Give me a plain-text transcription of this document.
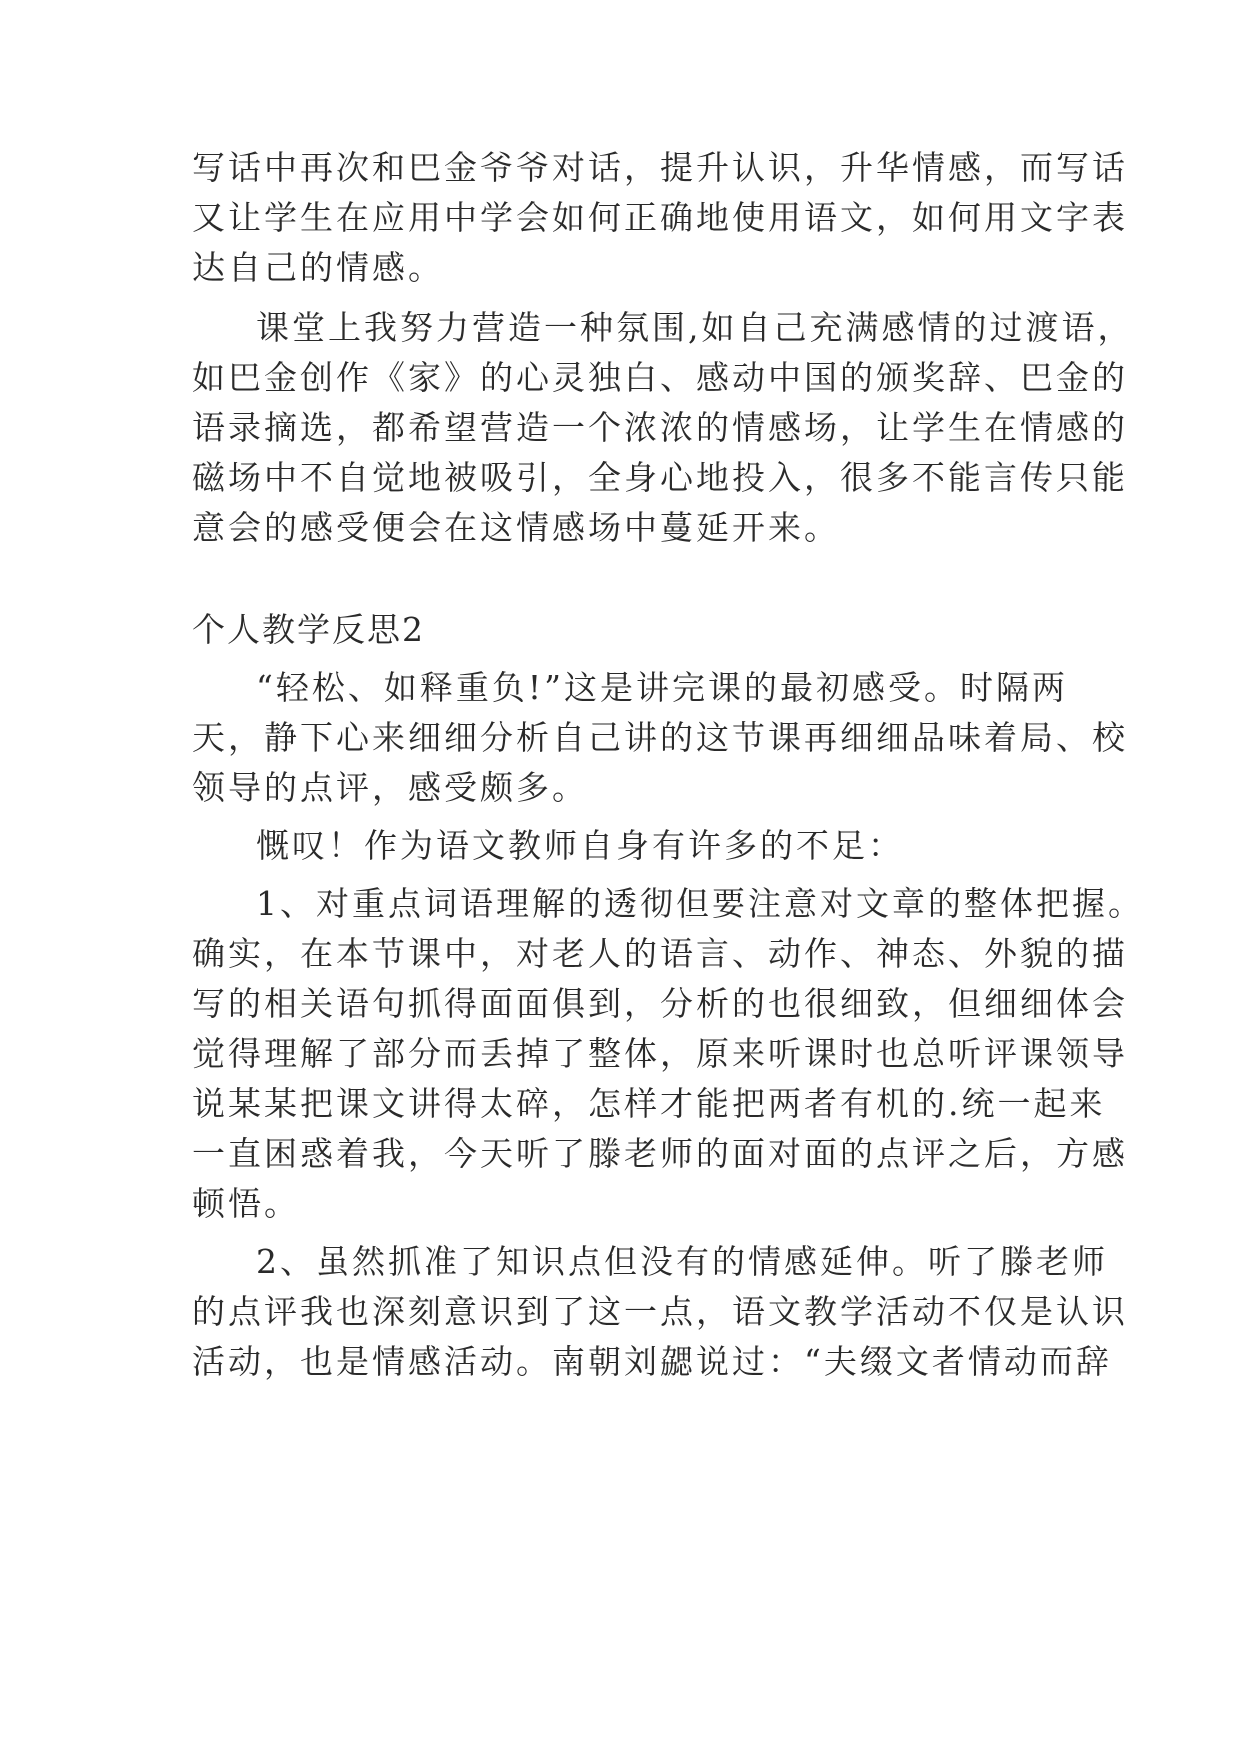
写话中再次和巴金爷爷对话，提升认识，升华情感，而写话
又让学生在应用中学会如何正确地使用语文，如何用文字表
达自己的情感。
课堂上我努力营造一种氛围,如自己充满感情的过渡语，
如巴金创作《家》的心灵独白、感动中国的颁奖辞、巴金的
语录摘选，都希望营造一个浓浓的情感场，让学生在情感的
磁场中不自觉地被吸引，全身心地投入，很多不能言传只能
意会的感受便会在这情感场中蔓延开来。
个人教学反思2
“轻松、如释重负!”这是讲完课的最初感受。时隔两
天，静下心来细细分析自己讲的这节课再细细品味着局、校
领导的点评，感受颇多。
慨叹！作为语文教师自身有许多的不足：
1、对重点词语理解的透彻但要注意对文章的整体把握。
确实，在本节课中，对老人的语言、动作、神态、外貌的描
写的相关语句抓得面面俱到，分析的也很细致，但细细体会
觉得理解了部分而丢掉了整体，原来听课时也总听评课领导
说某某把课文讲得太碎，怎样才能把两者有机的.统一起来
一直困惑着我，今天听了滕老师的面对面的点评之后，方感
顿悟。
2、虽然抓准了知识点但没有的情感延伸。听了滕老师
的点评我也深刻意识到了这一点，语文教学活动不仅是认识
活动，也是情感活动。南朝刘勰说过：“夫缀文者情动而辞
